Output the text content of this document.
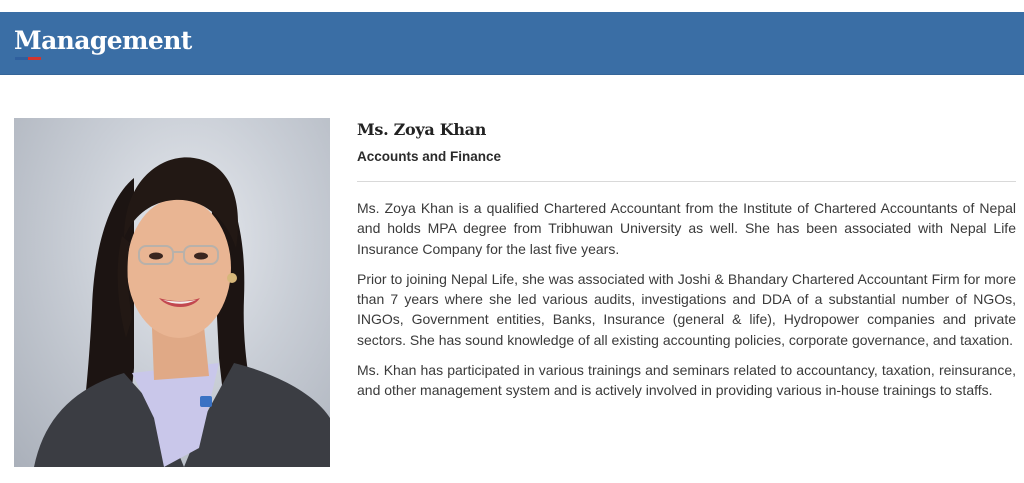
Management
Ms. Zoya Khan
Accounts and Finance

Ms. Zoya Khan is a qualified Chartered Accountant from the Institute of Chartered Accountants of Nepal and holds MPA degree from Tribhuwan University as well. She has been associated with Nepal Life Insurance Company for the last five years.

Prior to joining Nepal Life, she was associated with Joshi & Bhandary Chartered Accountant Firm for more than 7 years where she led various audits, investigations and DDA of a substantial number of NGOs, INGOs, Government entities, Banks, Insurance (general & life), Hydropower companies and private sectors. She has sound knowledge of all existing accounting policies, corporate governance, and taxation.

Ms. Khan has participated in various trainings and seminars related to accountancy, taxation, reinsurance, and other management system and is actively involved in providing various in-house trainings to staffs.
